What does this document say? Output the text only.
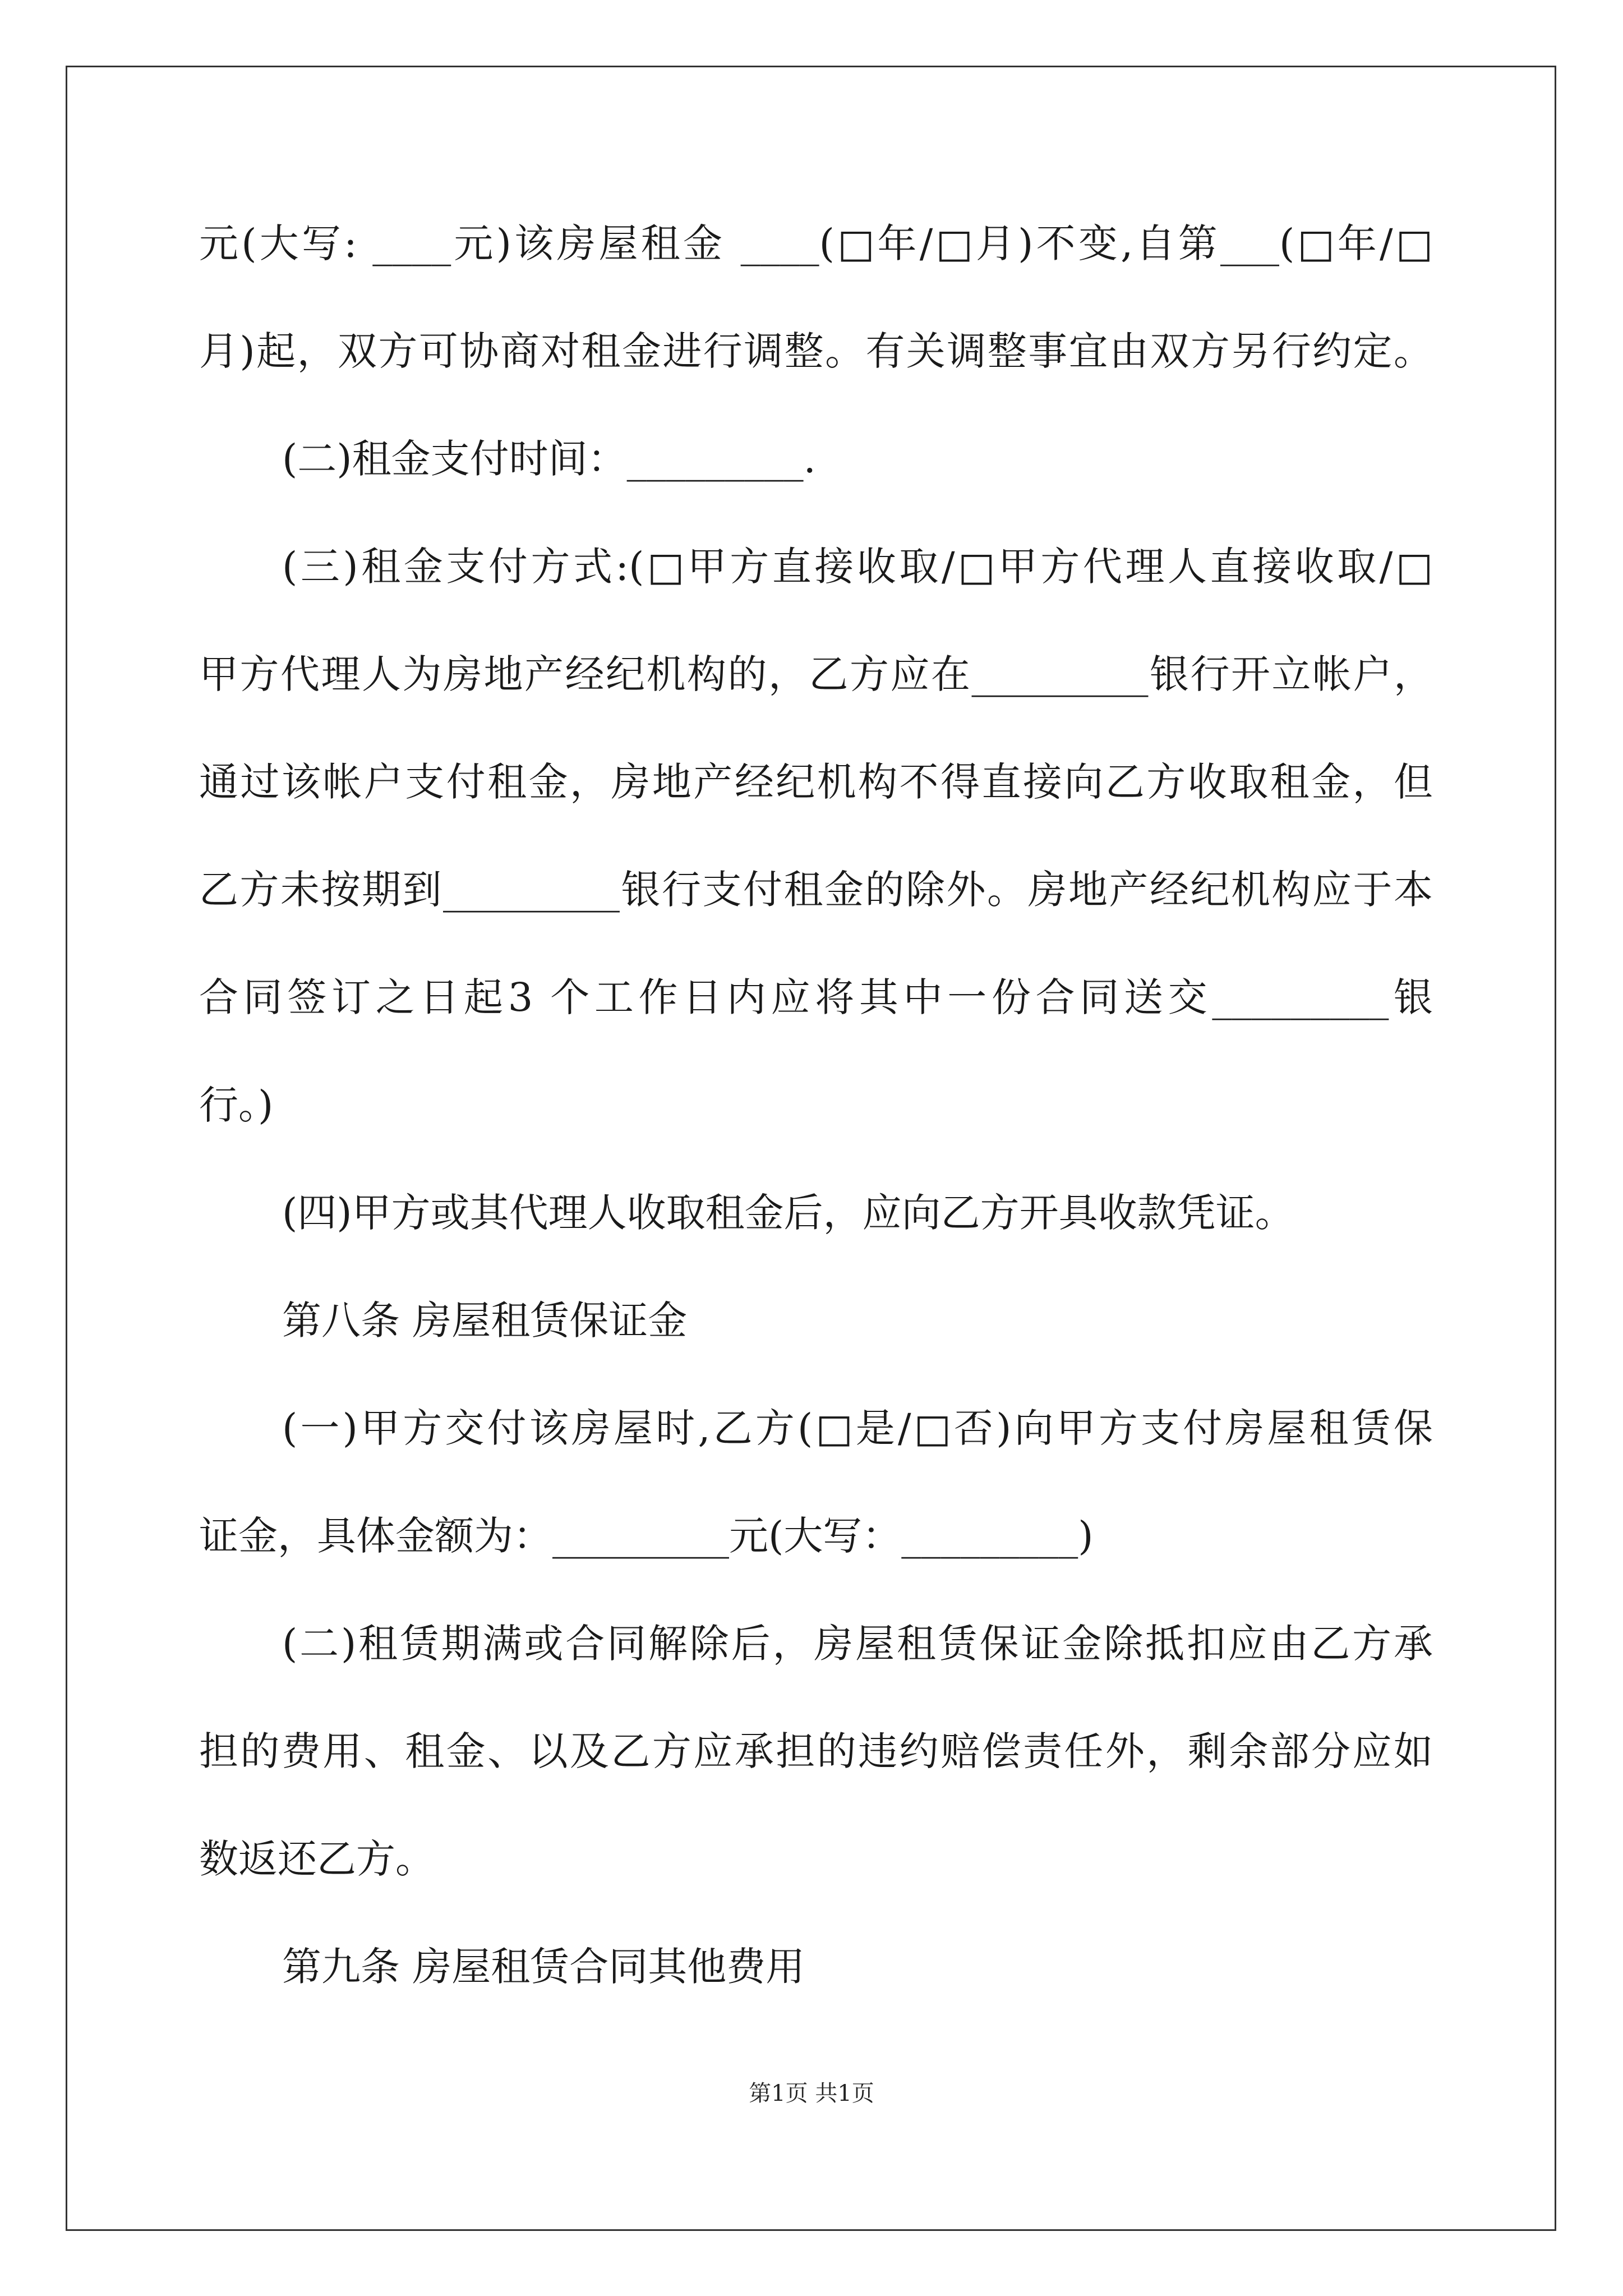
元(大写: ____元)该房屋租金 ____(□年/□月)不变,自第___(□年/□
月)起，双方可协商对租金进行调整。有关调整事宜由双方另行约定。
(二)租金支付时间：_________.
(三)租金支付方式:(□甲方直接收取/□甲方代理人直接收取/□
甲方代理人为房地产经纪机构的，乙方应在_________银行开立帐户，
通过该帐户支付租金，房地产经纪机构不得直接向乙方收取租金，但
乙方未按期到_________银行支付租金的除外。房地产经纪机构应于本
合同签订之日起3 个工作日内应将其中一份合同送交_________银
行。)
(四)甲方或其代理人收取租金后，应向乙方开具收款凭证。
第八条 房屋租赁保证金
(一)甲方交付该房屋时,乙方(□是/□否)向甲方支付房屋租赁保
证金，具体金额为：_________元(大写：_________)
(二)租赁期满或合同解除后，房屋租赁保证金除抵扣应由乙方承
担的费用、租金、以及乙方应承担的违约赔偿责任外，剩余部分应如
数返还乙方。
第九条 房屋租赁合同其他费用
第1页 共1页
